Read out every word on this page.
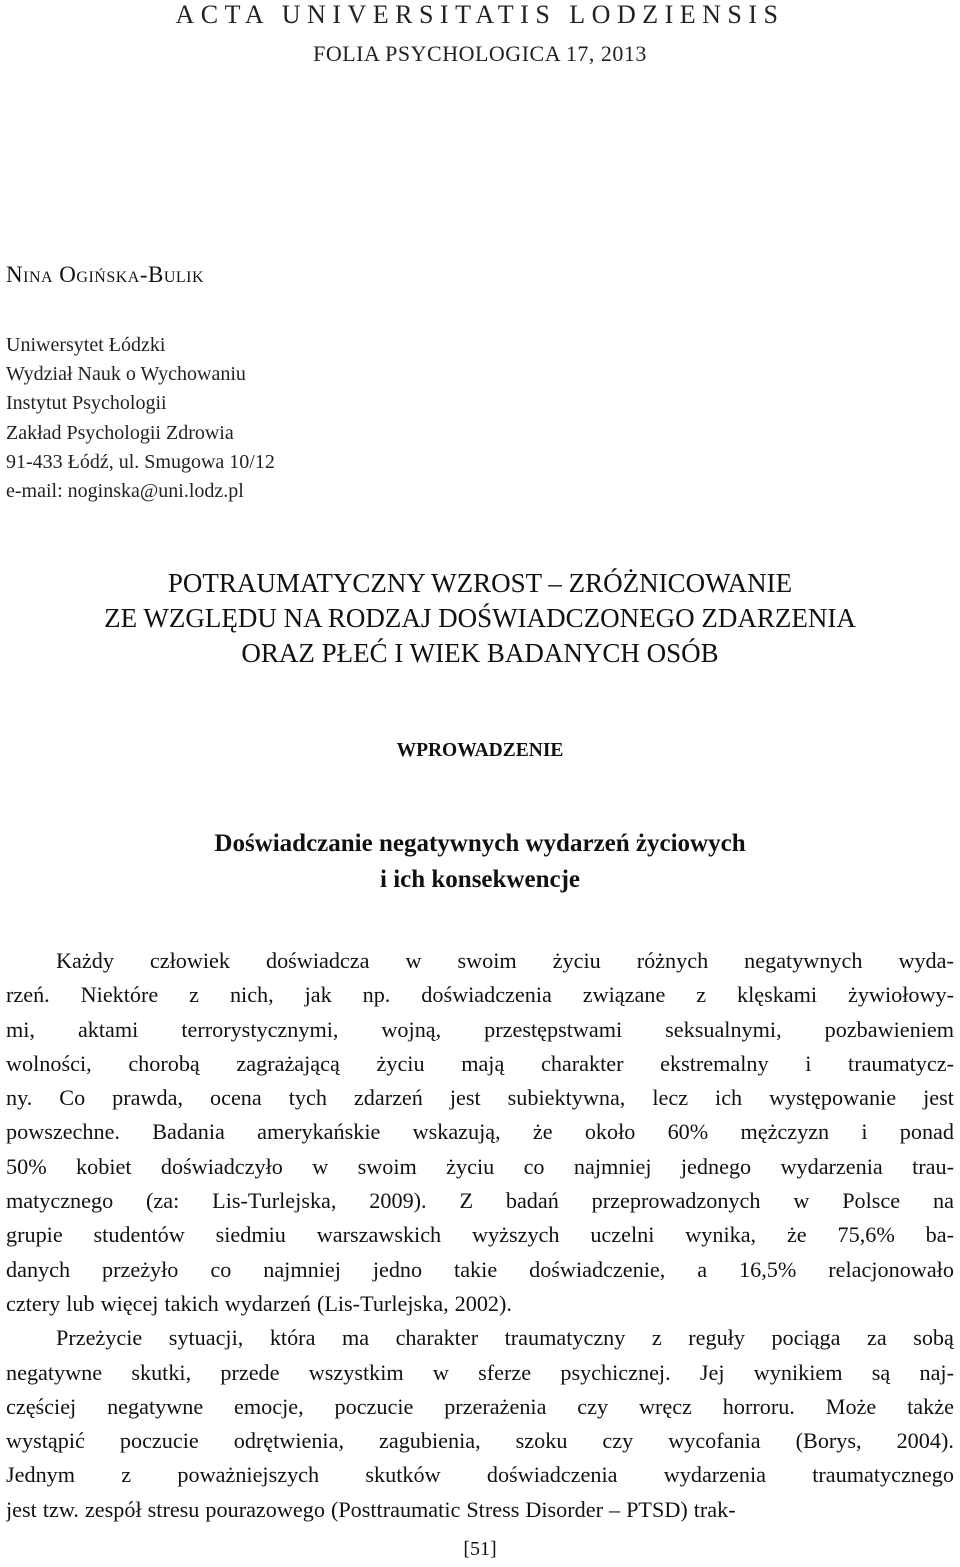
ACTA UNIVERSITATIS LODZIENSIS
FOLIA PSYCHOLOGICA 17, 2013
Nina Ogińska-Bulik
Uniwersytet Łódzki
Wydział Nauk o Wychowaniu
Instytut Psychologii
Zakład Psychologii Zdrowia
91-433 Łódź, ul. Smugowa 10/12
e-mail: noginska@uni.lodz.pl
POTRAUMATYCZNY WZROST – ZRÓŻNICOWANIE
ZE WZGLĘDU NA RODZAJ DOŚWIADCZONEGO ZDARZENIA
ORAZ PŁEĆ I WIEK BADANYCH OSÓB
WPROWADZENIE
Doświadczanie negatywnych wydarzeń życiowych
i ich konsekwencje
Każdy człowiek doświadcza w swoim życiu różnych negatywnych wyda-
rzeń. Niektóre z nich, jak np. doświadczenia związane z klęskami żywiołowy-
mi, aktami terrorystycznymi, wojną, przestępstwami seksualnymi, pozbawieniem
wolności, chorobą zagrażającą życiu mają charakter ekstremalny i traumatycz-
ny. Co prawda, ocena tych zdarzeń jest subiektywna, lecz ich występowanie jest
powszechne. Badania amerykańskie wskazują, że około 60% mężczyzn i ponad
50% kobiet doświadczyło w swoim życiu co najmniej jednego wydarzenia trau-
matycznego (za: Lis-Turlejska, 2009). Z badań przeprowadzonych w Polsce na
grupie studentów siedmiu warszawskich wyższych uczelni wynika, że 75,6% ba-
danych przeżyło co najmniej jedno takie doświadczenie, a 16,5% relacjonowało
cztery lub więcej takich wydarzeń (Lis-Turlejska, 2002).
Przeżycie sytuacji, która ma charakter traumatyczny z reguły pociąga za sobą
negatywne skutki, przede wszystkim w sferze psychicznej. Jej wynikiem są naj-
częściej negatywne emocje, poczucie przerażenia czy wręcz horroru. Może także
wystąpić poczucie odrętwienia, zagubienia, szoku czy wycofania (Borys, 2004).
Jednym z poważniejszych skutków doświadczenia wydarzenia traumatycznego
jest tzw. zespół stresu pourazowego (Posttraumatic Stress Disorder – PTSD) trak-
[51]
